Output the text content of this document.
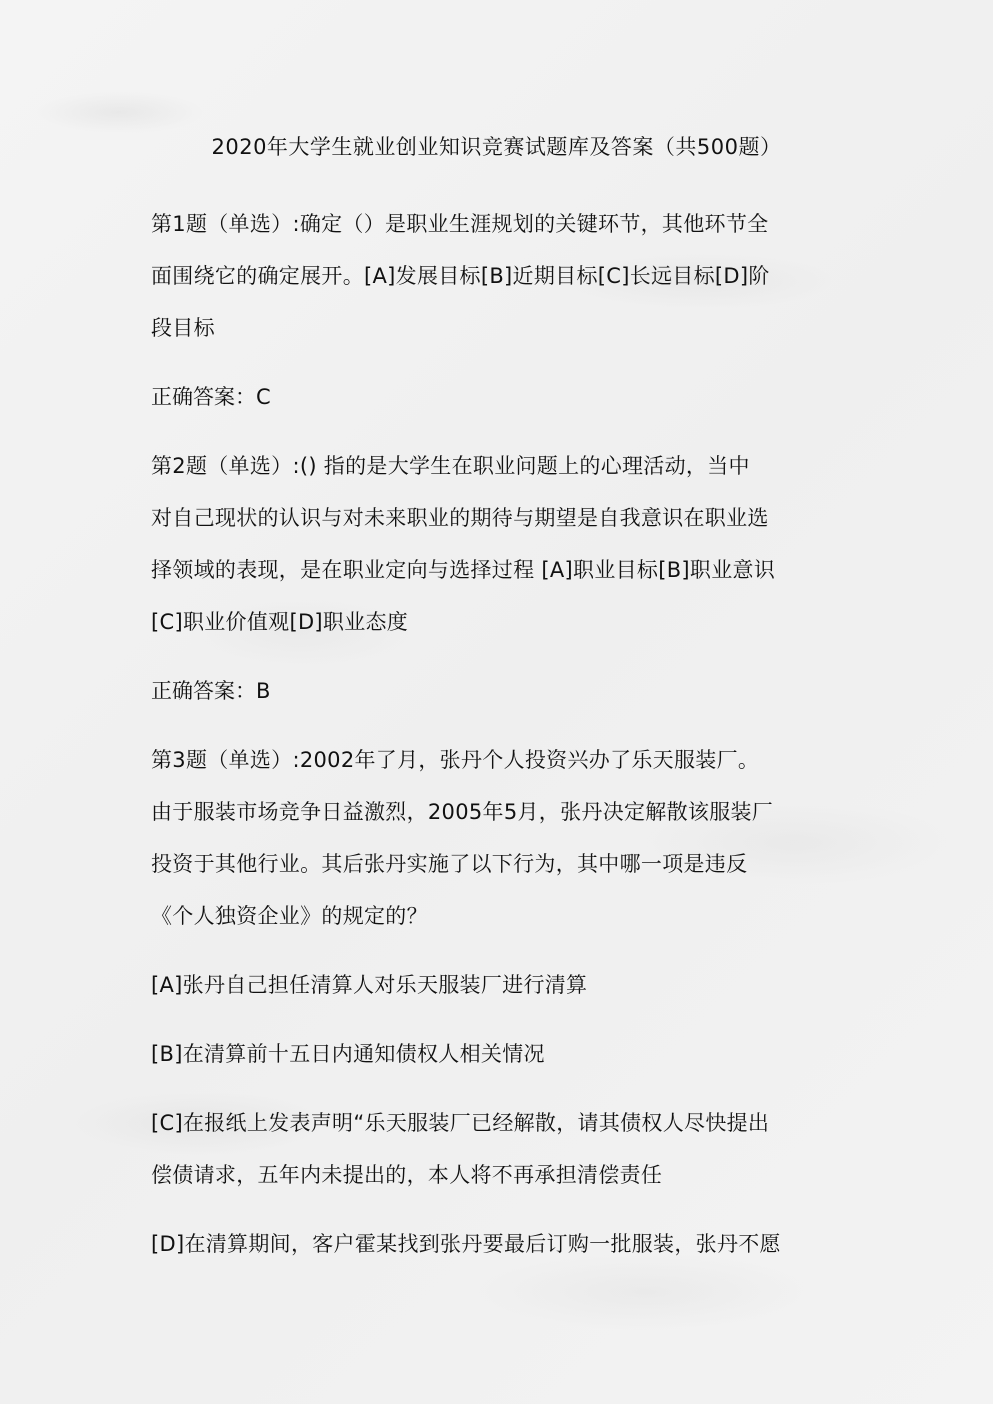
2020年大学生就业创业知识竞赛试题库及答案（共500题）

第1题（单选）:确定（）是职业生涯规划的关键环节，其他环节全

面围绕它的确定展开。[A]发展目标[B]近期目标[C]长远目标[D]阶

段目标

正确答案：C

第2题（单选）:() 指的是大学生在职业问题上的心理活动，当中

对自己现状的认识与对未来职业的期待与期望是自我意识在职业选

择领域的表现，是在职业定向与选择过程 [A]职业目标[B]职业意识

[C]职业价值观[D]职业态度

正确答案：B

第3题（单选）:2002年了月，张丹个人投资兴办了乐天服装厂。

由于服装市场竞争日益激烈，2005年5月，张丹决定解散该服装厂

投资于其他行业。其后张丹实施了以下行为，其中哪一项是违反

《个人独资企业》的规定的？

[A]张丹自己担任清算人对乐天服装厂进行清算

[B]在清算前十五日内通知债权人相关情况

[C]在报纸上发表声明“乐天服装厂已经解散，请其债权人尽快提出

偿债请求，五年内未提出的，本人将不再承担清偿责任

[D]在清算期间，客户霍某找到张丹要最后订购一批服装，张丹不愿
